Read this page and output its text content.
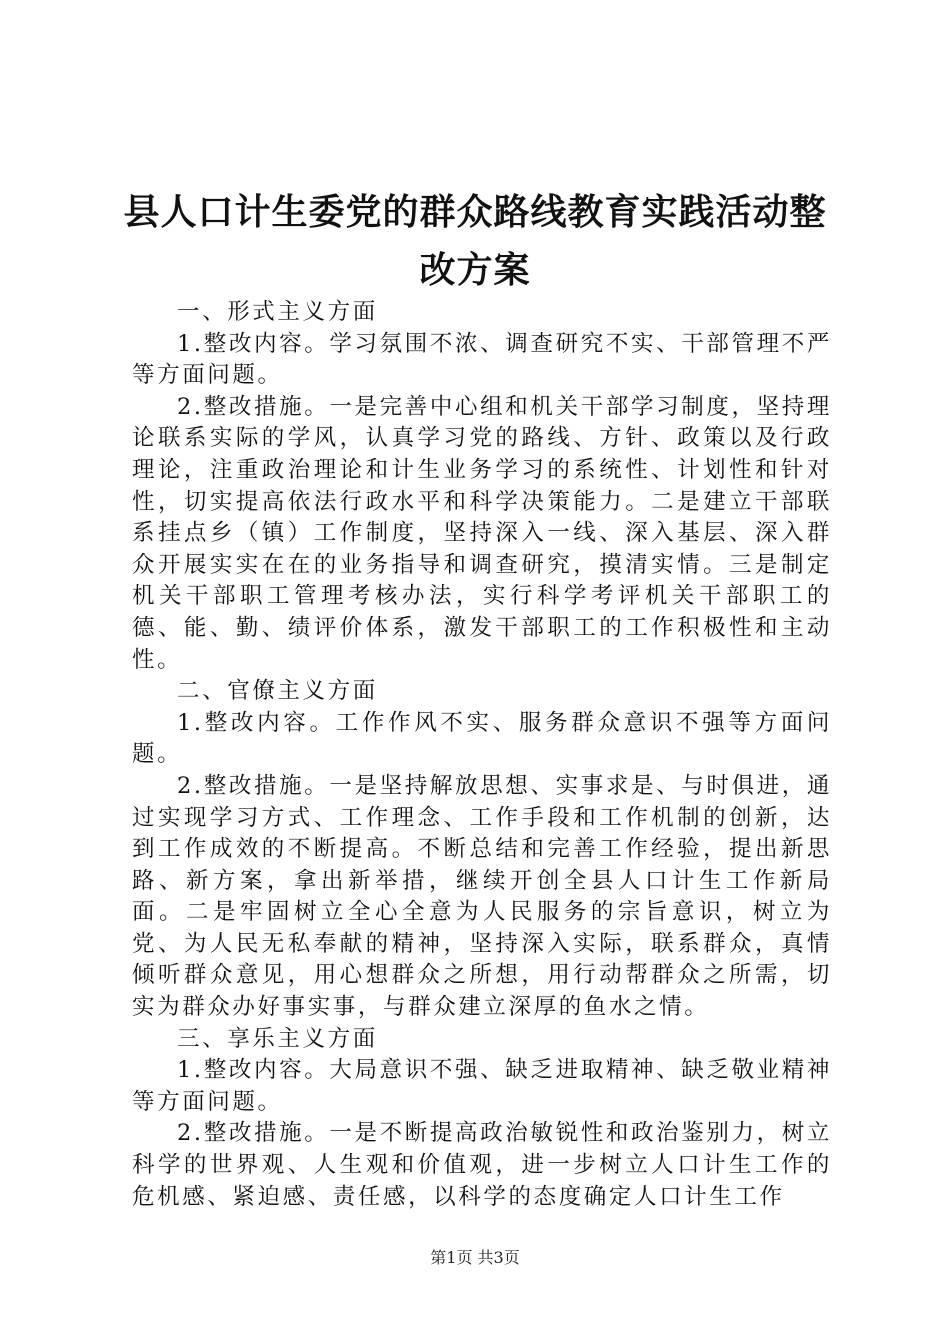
县人口计生委党的群众路线教育实践活动整改方案

一、形式主义方面

1.整改内容。学习氛围不浓、调查研究不实、干部管理不严等方面问题。

2.整改措施。一是完善中心组和机关干部学习制度，坚持理论联系实际的学风，认真学习党的路线、方针、政策以及行政理论，注重政治理论和计生业务学习的系统性、计划性和针对性，切实提高依法行政水平和科学决策能力。二是建立干部联系挂点乡（镇）工作制度，坚持深入一线、深入基层、深入群众开展实实在在的业务指导和调查研究，摸清实情。三是制定机关干部职工管理考核办法，实行科学考评机关干部职工的德、能、勤、绩评价体系，激发干部职工的工作积极性和主动性。

二、官僚主义方面

1.整改内容。工作作风不实、服务群众意识不强等方面问题。

2.整改措施。一是坚持解放思想、实事求是、与时俱进，通过实现学习方式、工作理念、工作手段和工作机制的创新，达到工作成效的不断提高。不断总结和完善工作经验，提出新思路、新方案，拿出新举措，继续开创全县人口计生工作新局面。二是牢固树立全心全意为人民服务的宗旨意识，树立为党、为人民无私奉献的精神，坚持深入实际，联系群众，真情倾听群众意见，用心想群众之所想，用行动帮群众之所需，切实为群众办好事实事，与群众建立深厚的鱼水之情。

三、享乐主义方面

1.整改内容。大局意识不强、缺乏进取精神、缺乏敬业精神等方面问题。

2.整改措施。一是不断提高政治敏锐性和政治鉴别力，树立科学的世界观、人生观和价值观，进一步树立人口计生工作的危机感、紧迫感、责任感，以科学的态度确定人口计生工作

第1页 共3页
